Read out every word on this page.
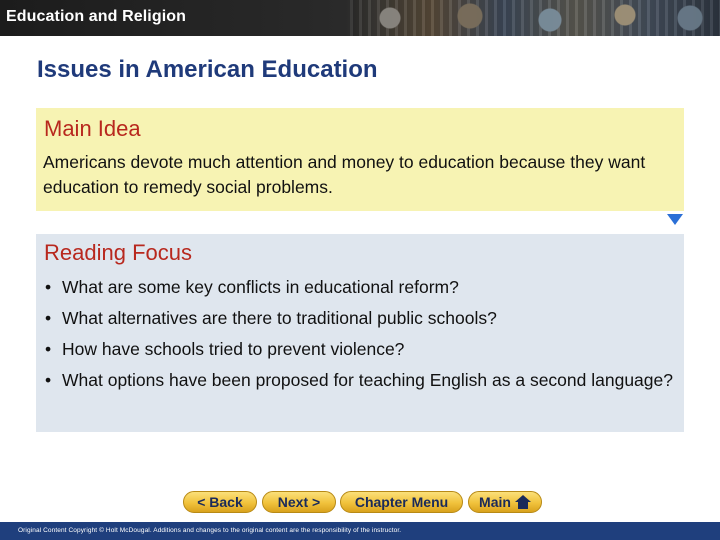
Education and Religion
Issues in American Education
Main Idea
Americans devote much attention and money to education because they want education to remedy social problems.
Reading Focus
• What are some key conflicts in educational reform?
• What alternatives are there to traditional public schools?
• How have schools tried to prevent violence?
• What options have been proposed for teaching English as a second language?
< Back	Next > Chapter Menu Main
Original Content Copyright © Holt McDougal. Additions and changes to the original content are the responsibility of the instructor.
